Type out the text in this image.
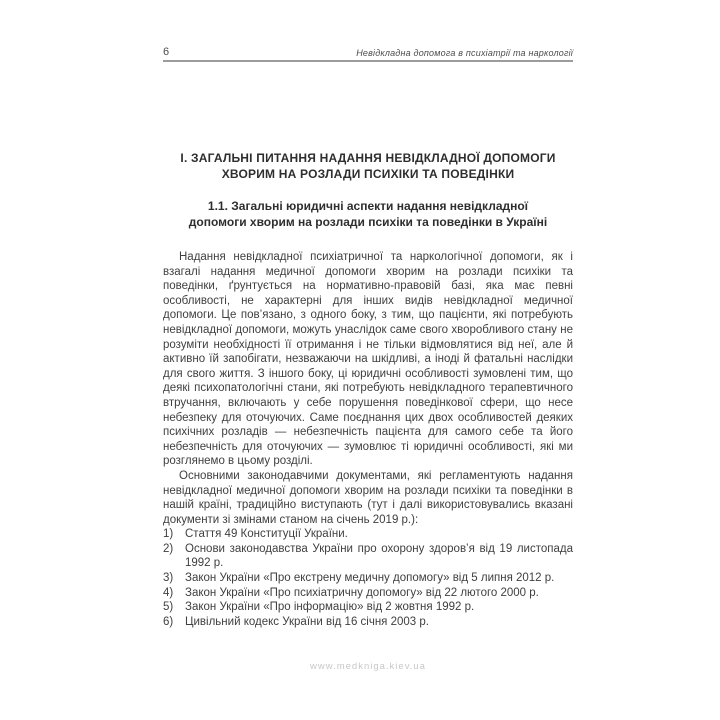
6	Невідкладна допомога в психіатрії та наркології
І. ЗАГАЛЬНІ ПИТАННЯ НАДАННЯ НЕВІДКЛАДНОЇ ДОПОМОГИ
ХВОРИМ НА РОЗЛАДИ ПСИХІКИ ТА ПОВЕДІНКИ
1.1. Загальні юридичні аспекти надання невідкладної
допомоги хворим на розлади психіки та поведінки в Україні

Надання невідкладної психіатричної та наркологічної допомоги, як і взагалі надання медичної допомоги хворим на розлади психіки та поведінки, ґрунтується на нормативно-правовій базі, яка має певні особливості, не характерні для інших видів невідкладної медичної допомоги. Це пов’язано, з одного боку, з тим, що пацієнти, які потребують невідкладної допомоги, можуть унаслідок саме свого хворобливого стану не розуміти необхідності її отримання і не тільки відмовлятися від неї, але й активно їй запобігати, незважаючи на шкідливі, а іноді й фатальні наслідки для свого життя. З іншого боку, ці юридичні особливості зумовлені тим, що деякі психопатологічні стани, які потребують невідкладного терапевтичного втручання, включають у себе порушення поведінкової сфери, що несе небезпеку для оточуючих. Саме поєднання цих двох особливостей деяких психічних розладів — небезпечність пацієнта для самого себе та його небезпечність для оточуючих — зумовлює ті юридичні особливості, які ми розглянемо в цьому розділі.

Основними законодавчими документами, які регламентують надання невідкладної медичної допомоги хворим на розлади психіки та поведінки в нашій країні, традиційно виступають (тут і далі використовувались вказані документи зі змінами станом на січень 2019 р.):

1) Стаття 49 Конституції України.
2) Основи законодавства України про охорону здоров’я від 19 листопада 1992 р.
3) Закон України «Про екстрену медичну допомогу» від 5 липня 2012 р.
4) Закон України «Про психіатричну допомогу» від 22 лютого 2000 р.
5) Закон України «Про інформацію» від 2 жовтня 1992 р.
6) Цивільний кодекс України від 16 січня 2003 р.
www.medkniga.kiev.ua
